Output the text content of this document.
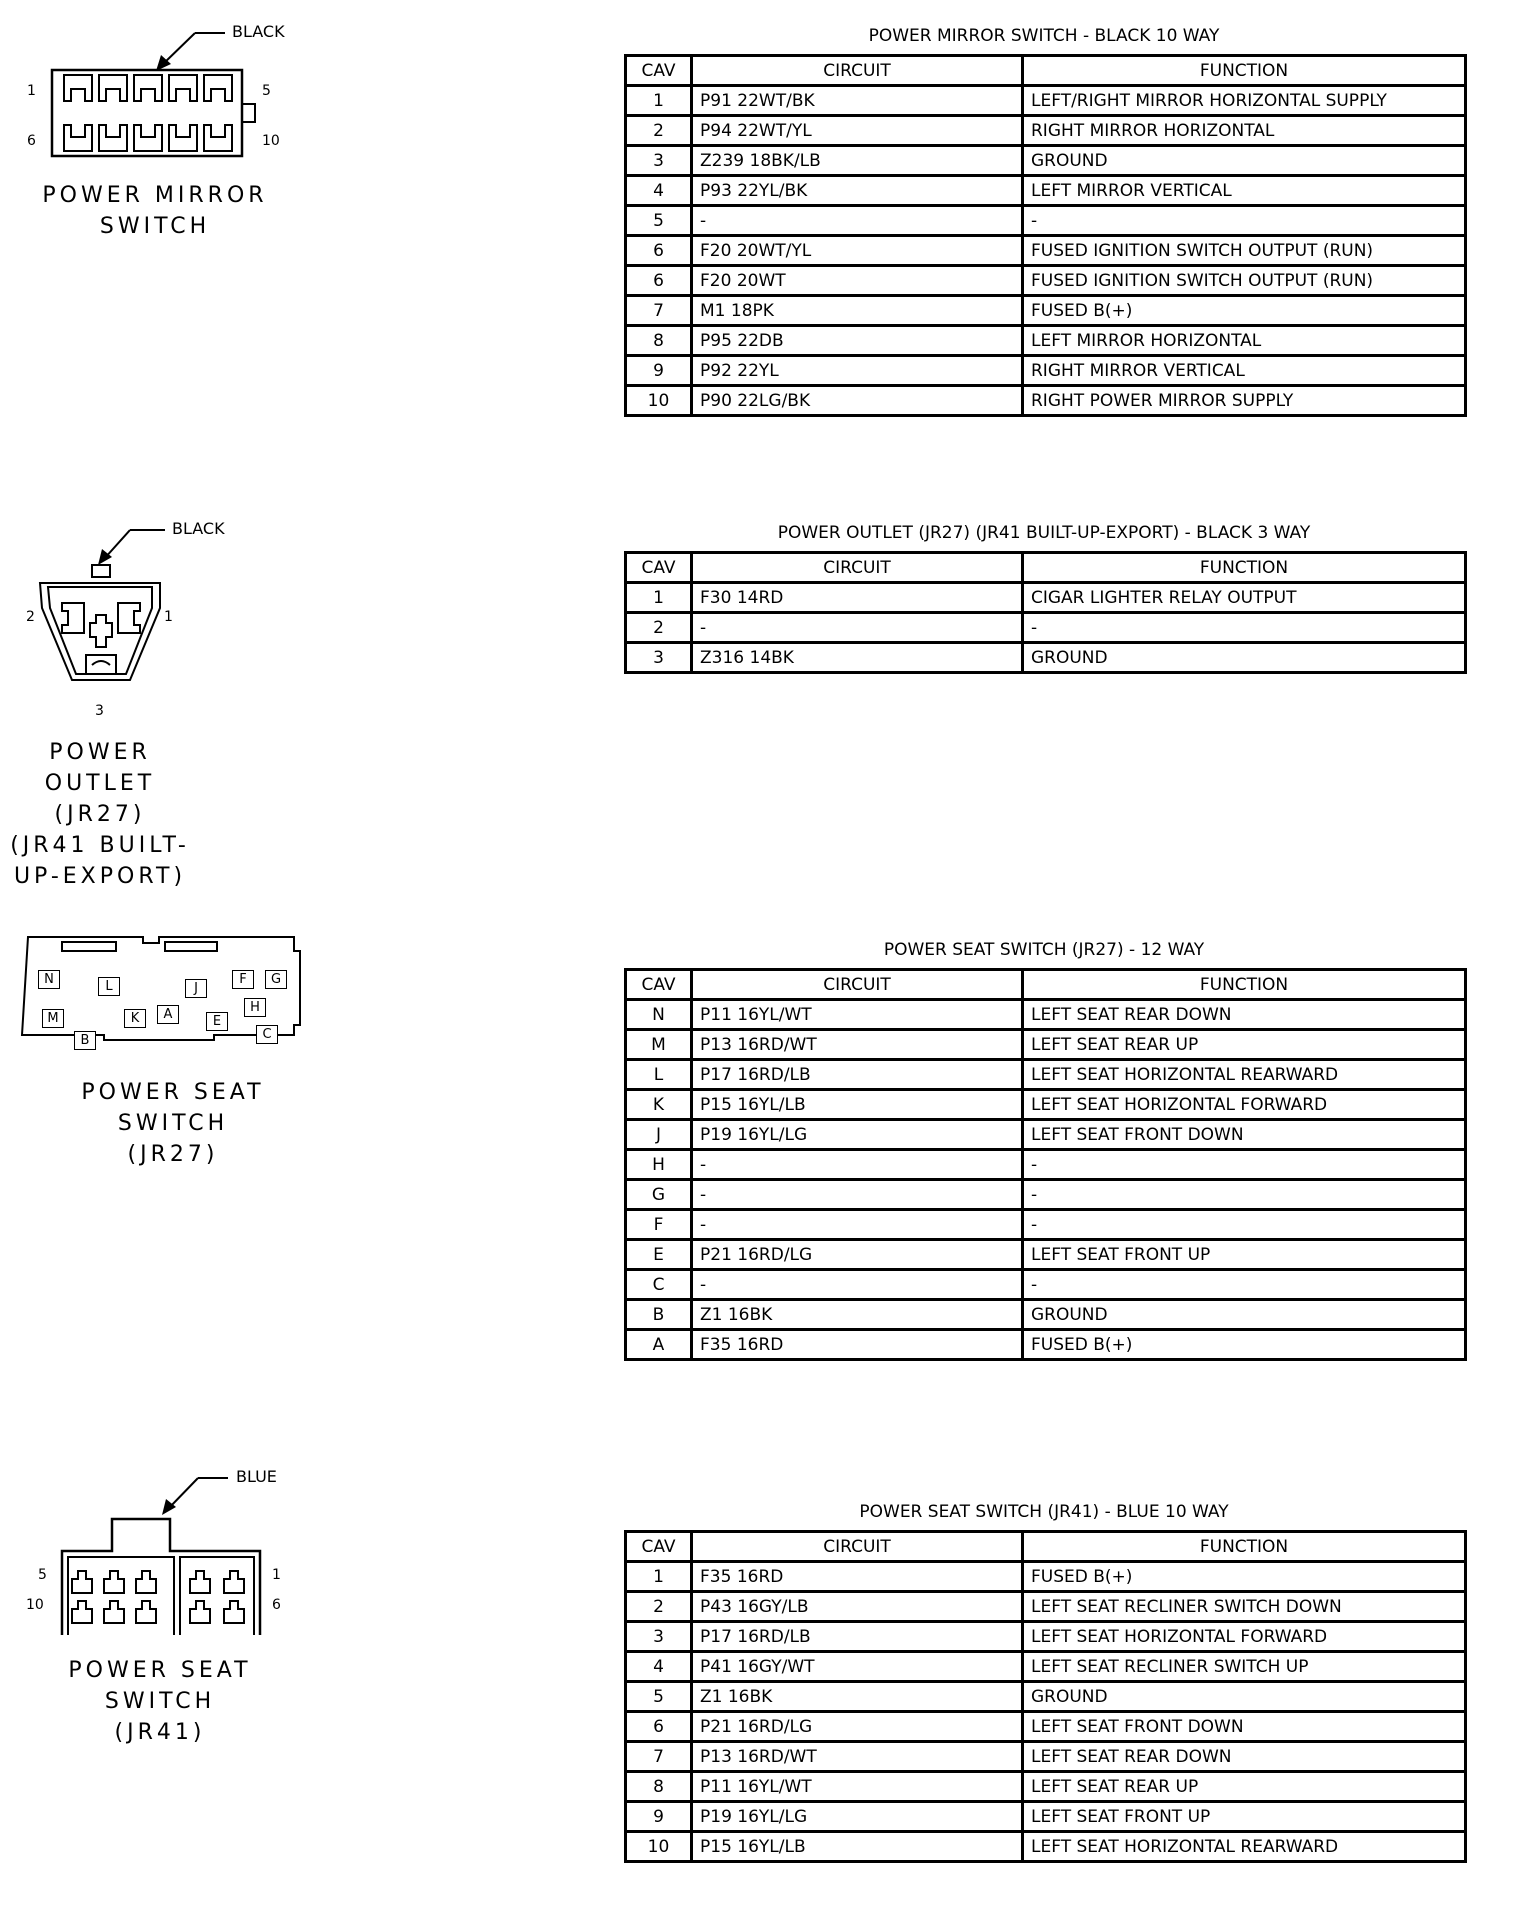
BLACK
1	5
6	10
POWER MIRROR
SWITCH
BLACK
2	1
3
POWER
OUTLET
(JR27)
(JR41 BUILT-
UP-EXPORT)
N	L	J
F	G
H
M	K	A	E
B	C
POWER SEAT
SWITCH
(JR27)
BLUE
5	1
10	6
POWER SEAT
SWITCH
(JR41)
POWER MIRROR SWITCH - BLACK 10 WAY
CAV	CIRCUIT	FUNCTION
1	P91 22WT/BK	LEFT/RIGHT MIRROR HORIZONTAL SUPPLY
2	P94 22WT/YL	RIGHT MIRROR HORIZONTAL
3	Z239 18BK/LB	GROUND
4	P93 22YL/BK	LEFT MIRROR VERTICAL
5	-	-
6	F20 20WT/YL	FUSED IGNITION SWITCH OUTPUT (RUN)
6	F20 20WT	FUSED IGNITION SWITCH OUTPUT (RUN)
7	M1 18PK	FUSED B(+)
8	P95 22DB	LEFT MIRROR HORIZONTAL
9	P92 22YL	RIGHT MIRROR VERTICAL
10	P90 22LG/BK	RIGHT POWER MIRROR SUPPLY
POWER OUTLET (JR27) (JR41 BUILT-UP-EXPORT) - BLACK 3 WAY
CAV	CIRCUIT	FUNCTION
1	F30 14RD	CIGAR LIGHTER RELAY OUTPUT
2	-	-
3	Z316 14BK	GROUND
POWER SEAT SWITCH (JR27) - 12 WAY
CAV	CIRCUIT	FUNCTION
N	P11 16YL/WT	LEFT SEAT REAR DOWN
M	P13 16RD/WT	LEFT SEAT REAR UP
L	P17 16RD/LB	LEFT SEAT HORIZONTAL REARWARD
K	P15 16YL/LB	LEFT SEAT HORIZONTAL FORWARD
J	P19 16YL/LG	LEFT SEAT FRONT DOWN
H	-	-
G	-	-
F	-	-
E	P21 16RD/LG	LEFT SEAT FRONT UP
C	-	-
B	Z1 16BK	GROUND
A	F35 16RD	FUSED B(+)
POWER SEAT SWITCH (JR41) - BLUE 10 WAY
CAV	CIRCUIT	FUNCTION
1	F35 16RD	FUSED B(+)
2	P43 16GY/LB	LEFT SEAT RECLINER SWITCH DOWN
3	P17 16RD/LB	LEFT SEAT HORIZONTAL FORWARD
4	P41 16GY/WT	LEFT SEAT RECLINER SWITCH UP
5	Z1 16BK	GROUND
6	P21 16RD/LG	LEFT SEAT FRONT DOWN
7	P13 16RD/WT	LEFT SEAT REAR DOWN
8	P11 16YL/WT	LEFT SEAT REAR UP
9	P19 16YL/LG	LEFT SEAT FRONT UP
10	P15 16YL/LB	LEFT SEAT HORIZONTAL REARWARD
